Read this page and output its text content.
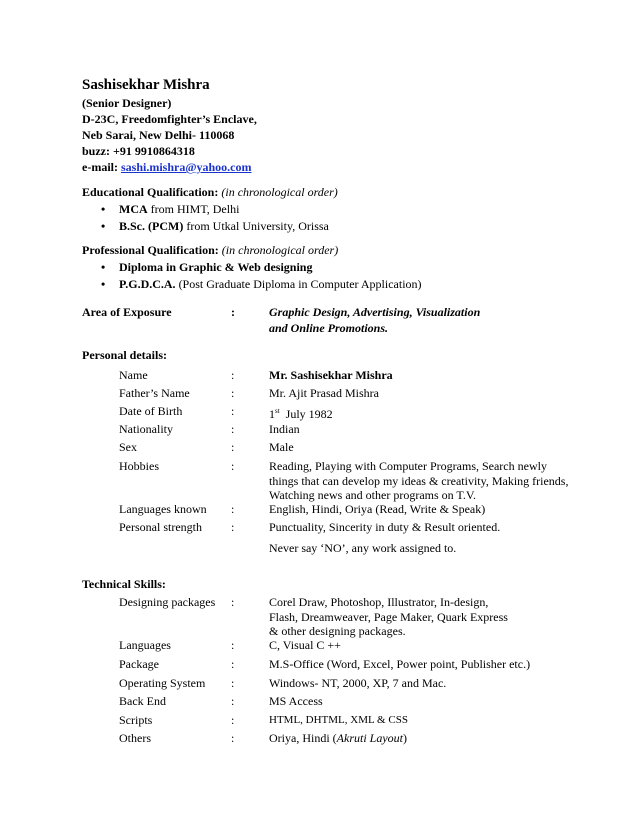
Sashisekhar Mishra
(Senior Designer)
D-23C, Freedomfighter’s Enclave,
Neb Sarai, New Delhi- 110068
buzz: +91 9910864318
e-mail: sashi.mishra@yahoo.com
Educational Qualification: (in chronological order)
• MCA from HIMT, Delhi
• B.Sc. (PCM) from Utkal University, Orissa
Professional Qualification: (in chronological order)
• Diploma in Graphic & Web designing
• P.G.D.C.A. (Post Graduate Diploma in Computer Application)
Area of Exposure	:	Graphic Design, Advertising, Visualization
and Online Promotions.
Personal details:
Name	:	Mr. Sashisekhar Mishra
Father’s Name	:	Mr. Ajit Prasad Mishra
Date of Birth	:	1st  July 1982
Nationality	:	Indian
Sex	:	Male
Hobbies	:	Reading, Playing with Computer Programs, Search newly
things that can develop my ideas & creativity, Making friends,
Watching news and other programs on T.V.
Languages known :	English, Hindi, Oriya (Read, Write & Speak)
Personal strength :	Punctuality, Sincerity in duty & Result oriented.
Never say ‘NO’, any work assigned to.
Technical Skills:
Designing packages :	Corel Draw, Photoshop, Illustrator, In-design,
Flash, Dreamweaver, Page Maker, Quark Express
& other designing packages.
Languages	:	C, Visual C ++
Package	:	M.S-Office (Word, Excel, Power point, Publisher etc.)
Operating System :	Windows- NT, 2000, XP, 7 and Mac.
Back End	:	MS Access
Scripts	:	HTML, DHTML, XML & CSS
Others	:	Oriya, Hindi (Akruti Layout)
